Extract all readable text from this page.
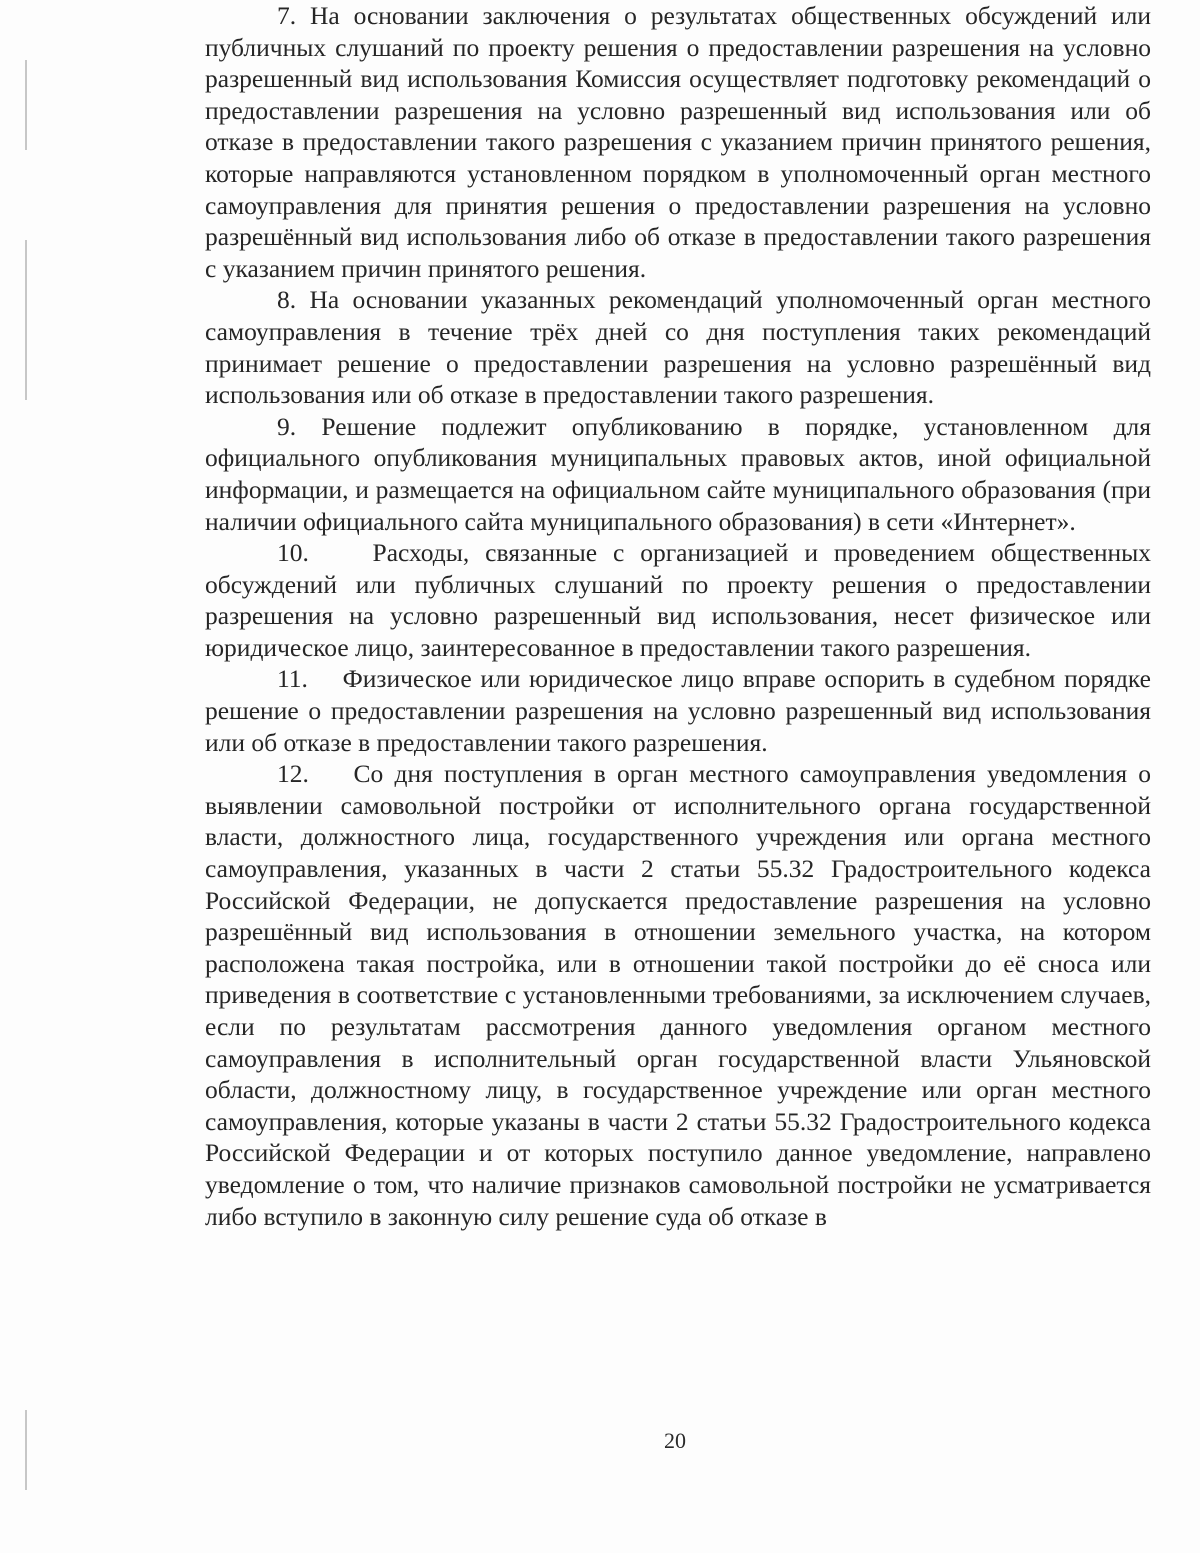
7. На основании заключения о результатах общественных обсуждений или публичных слушаний по проекту решения о предоставлении разрешения на условно разрешенный вид использования Комиссия осуществляет подготовку рекомендаций о предоставлении разрешения на условно разрешенный вид использования или об отказе в предоставлении такого разрешения с указанием причин принятого решения, которые направляются установленном порядком в уполномоченный орган местного самоуправления для принятия решения о предоставлении разрешения на условно разрешённый вид использования либо об отказе в предоставлении такого разрешения с указанием причин принятого решения.

8. На основании указанных рекомендаций уполномоченный орган местного самоуправления в течение трёх дней со дня поступления таких рекомендаций принимает решение о предоставлении разрешения на условно разрешённый вид использования или об отказе в предоставлении такого разрешения.

9. Решение подлежит опубликованию в порядке, установленном для официального опубликования муниципальных правовых актов, иной официальной информации, и размещается на официальном сайте муниципального образования (при наличии официального сайта муниципального образования) в сети «Интернет».

10. Расходы, связанные с организацией и проведением общественных обсуждений или публичных слушаний по проекту решения о предоставлении разрешения на условно разрешенный вид использования, несет физическое или юридическое лицо, заинтересованное в предоставлении такого разрешения.

11. Физическое или юридическое лицо вправе оспорить в судебном порядке решение о предоставлении разрешения на условно разрешенный вид использования или об отказе в предоставлении такого разрешения.

12. Со дня поступления в орган местного самоуправления уведомления о выявлении самовольной постройки от исполнительного органа государственной власти, должностного лица, государственного учреждения или органа местного самоуправления, указанных в части 2 статьи 55.32 Градостроительного кодекса Российской Федерации, не допускается предоставление разрешения на условно разрешённый вид использования в отношении земельного участка, на котором расположена такая постройка, или в отношении такой постройки до её сноса или приведения в соответствие с установленными требованиями, за исключением случаев, если по результатам рассмотрения данного уведомления органом местного самоуправления в исполнительный орган государственной власти Ульяновской области, должностному лицу, в государственное учреждение или орган местного самоуправления, которые указаны в части 2 статьи 55.32 Градостроительного кодекса Российской Федерации и от которых поступило данное уведомление, направлено уведомление о том, что наличие признаков самовольной постройки не усматривается либо вступило в законную силу решение суда об отказе в

20
